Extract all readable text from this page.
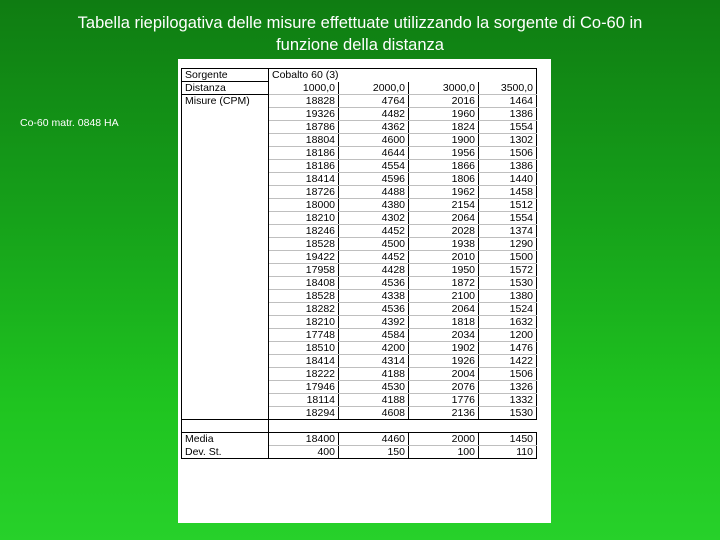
Tabella riepilogativa delle misure effettuate utilizzando la sorgente di Co-60 in
funzione della distanza
Co-60 matr. 0848 HA
Sorgente	Cobalto 60 (3)			
Distanza	1000,0	2000,0	3000,0	3500,0
Misure (CPM)	18828	4764	2016	1464
	19326	4482	1960	1386
	18786	4362	1824	1554
	18804	4600	1900	1302
	18186	4644	1956	1506
	18186	4554	1866	1386
	18414	4596	1806	1440
	18726	4488	1962	1458
	18000	4380	2154	1512
	18210	4302	2064	1554
	18246	4452	2028	1374
	18528	4500	1938	1290
	19422	4452	2010	1500
	17958	4428	1950	1572
	18408	4536	1872	1530
	18528	4338	2100	1380
	18282	4536	2064	1524
	18210	4392	1818	1632
	17748	4584	2034	1200
	18510	4200	1902	1476
	18414	4314	1926	1422
	18222	4188	2004	1506
	17946	4530	2076	1326
	18114	4188	1776	1332
	18294	4608	2136	1530

Media	18400	4460	2000	1450
Dev. St.	400	150	100	110
